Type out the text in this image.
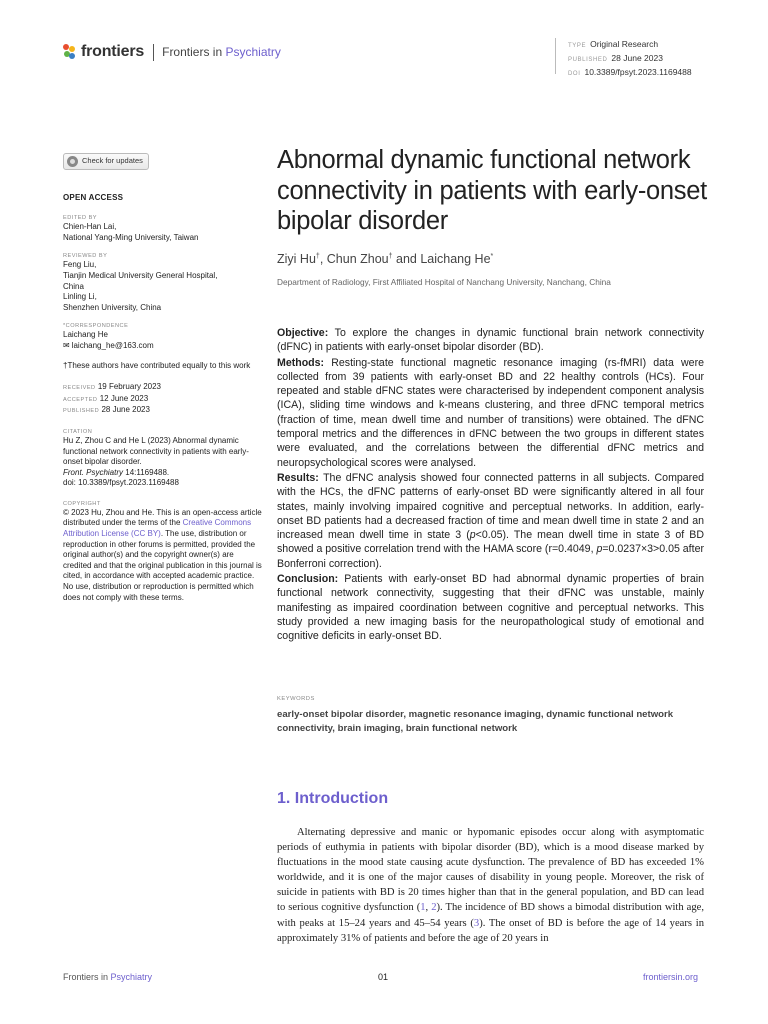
frontiers Frontiers in Psychiatry	TYPE Original Research
PUBLISHED 28 June 2023
DOI 10.3389/fpsyt.2023.1169488
Check for updates
OPEN ACCESS
EDITED BY
Chien-Han Lai,
National Yang-Ming University, Taiwan
REVIEWED BY
Feng Liu,
Tianjin Medical University General Hospital,
China
Linling Li,
Shenzhen University, China
*CORRESPONDENCE
Laichang He
✉ laichang_he@163.com
†These authors have contributed equally to this work
RECEIVED 19 February 2023
ACCEPTED 12 June 2023
PUBLISHED 28 June 2023
CITATION
Hu Z, Zhou C and He L (2023) Abnormal dynamic functional network connectivity in patients with early-onset bipolar disorder.
Front. Psychiatry 14:1169488.
doi: 10.3389/fpsyt.2023.1169488
COPYRIGHT
© 2023 Hu, Zhou and He. This is an open-access article distributed under the terms of the Creative Commons Attribution License (CC BY). The use, distribution or reproduction in other forums is permitted, provided the original author(s) and the copyright owner(s) are credited and that the original publication in this journal is cited, in accordance with accepted academic practice. No use, distribution or reproduction is permitted which does not comply with these terms.
Abnormal dynamic functional network connectivity in patients with early-onset bipolar disorder
Ziyi Hu†, Chun Zhou† and Laichang He*
Department of Radiology, First Affiliated Hospital of Nanchang University, Nanchang, China

Objective: To explore the changes in dynamic functional brain network connectivity (dFNC) in patients with early-onset bipolar disorder (BD).

Methods: Resting-state functional magnetic resonance imaging (rs-fMRI) data were collected from 39 patients with early-onset BD and 22 healthy controls (HCs). Four repeated and stable dFNC states were characterised by independent component analysis (ICA), sliding time windows and k-means clustering, and three dFNC temporal metrics (fraction of time, mean dwell time and number of transitions) were obtained. The dFNC temporal metrics and the differences in dFNC between the two groups in different states were evaluated, and the correlations between the differential dFNC metrics and neuropsychological scores were analysed.

Results: The dFNC analysis showed four connected patterns in all subjects. Compared with the HCs, the dFNC patterns of early-onset BD were significantly altered in all four states, mainly involving impaired cognitive and perceptual networks. In addition, early-onset BD patients had a decreased fraction of time and mean dwell time in state 2 and an increased mean dwell time in state 3 (p<0.05). The mean dwell time in state 3 of BD showed a positive correlation trend with the HAMA score (r=0.4049, p=0.0237×3>0.05 after Bonferroni correction).

Conclusion: Patients with early-onset BD had abnormal dynamic properties of brain functional network connectivity, suggesting that their dFNC was unstable, mainly manifesting as impaired coordination between cognitive and perceptual networks. This study provided a new imaging basis for the neuropathological study of emotional and cognitive deficits in early-onset BD.

KEYWORDS
early-onset bipolar disorder, magnetic resonance imaging, dynamic functional network connectivity, brain imaging, brain functional network
1. Introduction

Alternating depressive and manic or hypomanic episodes occur along with asymptomatic periods of euthymia in patients with bipolar disorder (BD), which is a mood disease marked by fluctuations in the mood state causing acute dysfunction. The prevalence of BD has exceeded 1% worldwide, and it is one of the major causes of disability in young people. Moreover, the risk of suicide in patients with BD is 20 times higher than that in the general population, and BD can lead to serious cognitive dysfunction (1, 2). The incidence of BD shows a bimodal distribution with age, with peaks at 15–24 years and 45–54 years (3). The onset of BD is before the age of 14 years in approximately 31% of patients and before the age of 20 years in

Frontiers in Psychiatry	01	frontiersin.org
